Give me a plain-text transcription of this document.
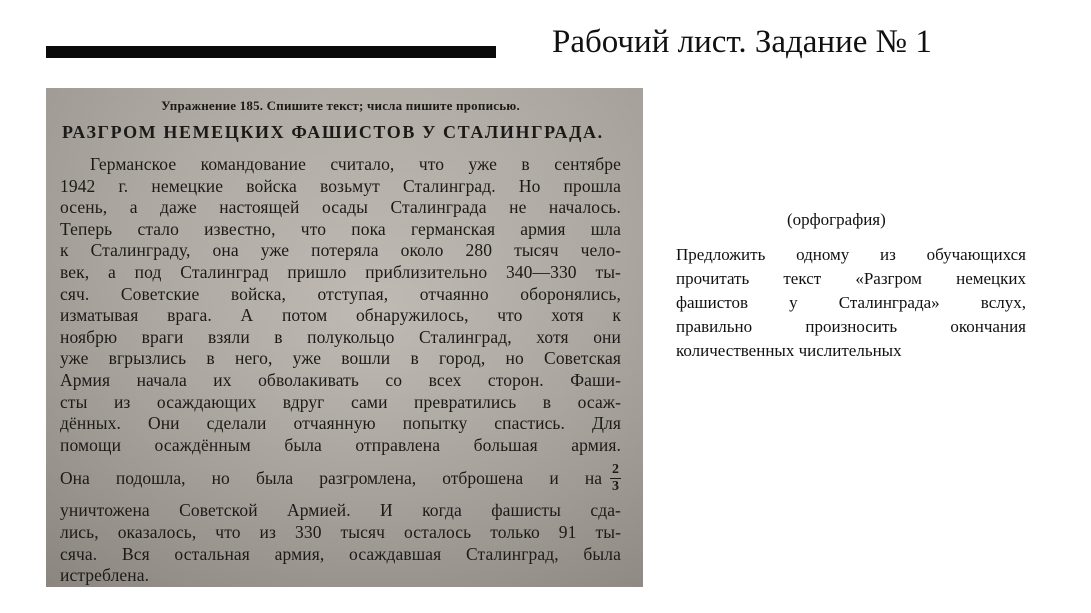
Рабочий лист. Задание № 1
Упражнение 185. Спишите текст; числа пишите прописью.
РАЗГРОМ НЕМЕЦКИХ ФАШИСТОВ У СТАЛИНГРАДА.
Германское командование считало, что уже в сентябре
1942 г. немецкие войска возьмут Сталинград. Но прошла
осень, а даже настоящей осады Сталинграда не началось.
Теперь стало известно, что пока германская армия шла
к Сталинграду, она уже потеряла около 280 тысяч чело-
век, а под Сталинград пришло приблизительно 340—330 ты-
сяч. Советские войска, отступая, отчаянно оборонялись,
изматывая врага. А потом обнаружилось, что хотя к
ноябрю враги взяли в полукольцо Сталинград, хотя они
уже вгрызлись в него, уже вошли в город, но Советская
Армия начала их обволакивать со всех сторон. Фаши-
сты из осаждающих вдруг сами превратились в осаж-
дённых. Они сделали отчаянную попытку спастись. Для
помощи осаждённым была отправлена большая армия.
Она подошла, но была разгромлена, отброшена и на $\frac{2}{3}$
уничтожена Советской Армией. И когда фашисты сда-
лись, оказалось, что из 330 тысяч осталось только 91 ты-
сяча. Вся остальная армия, осаждавшая Сталинград, была
истреблена.
(орфография)
Предложить одному из обучающихся
прочитать текст «Разгром немецких
фашистов у Сталинграда» вслух,
правильно произносить окончания
количественных числительных
